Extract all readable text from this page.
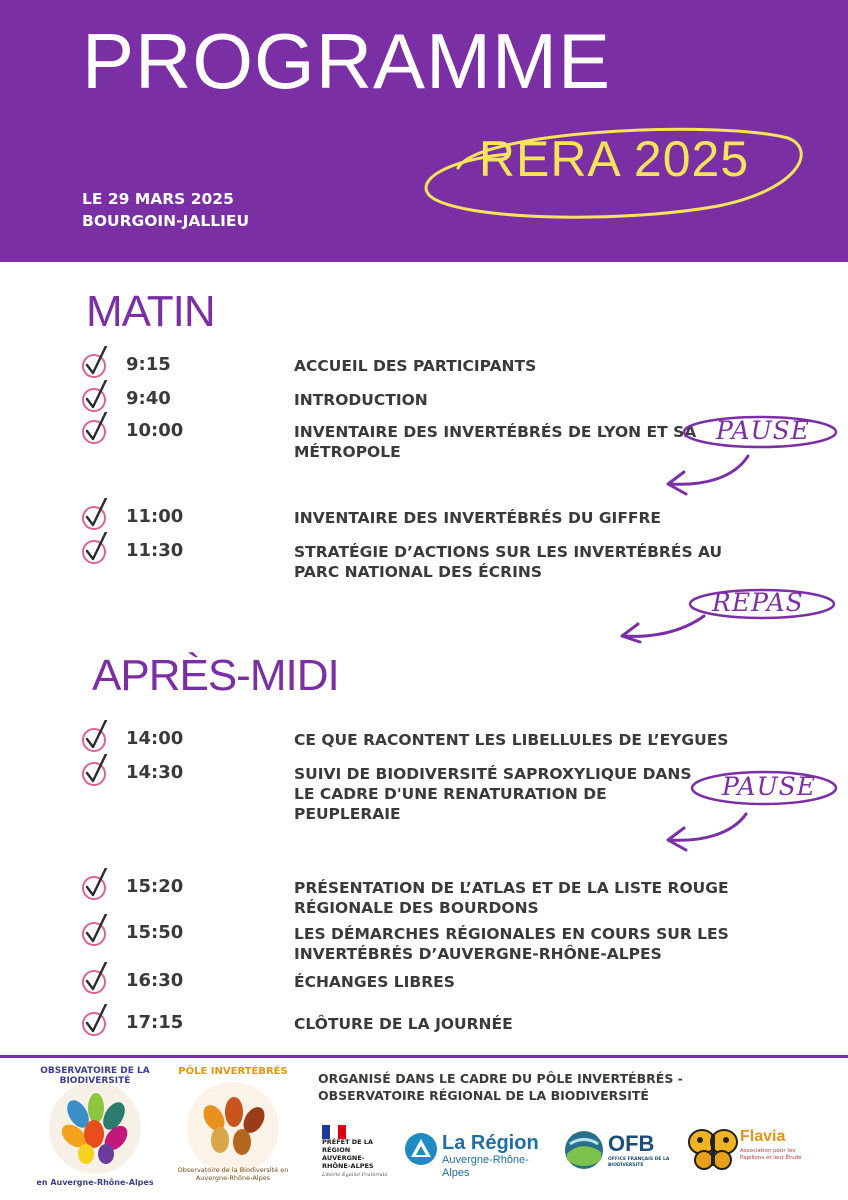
PROGRAMME
RERA 2025
LE 29 MARS 2025
BOURGOIN-JALLIEU
MATIN
9:15	ACCUEIL DES PARTICIPANTS
9:40	INTRODUCTION
10:00	INVENTAIRE DES INVERTÉBRÉS DE LYON ET SA MÉTROPOLE
PAUSE
11:00	INVENTAIRE DES INVERTÉBRÉS DU GIFFRE
11:30	STRATÉGIE D’ACTIONS SUR LES INVERTÉBRÉS AU PARC NATIONAL DES ÉCRINS
REPAS
APRÈS-MIDI
14:00	CE QUE RACONTENT LES LIBELLULES DE L’EYGUES
14:30	SUIVI DE BIODIVERSITÉ SAPROXYLIQUE DANS LE CADRE D'UNE RENATURATION DE PEUPLERAIE
PAUSE
15:20	PRÉSENTATION DE L’ATLAS ET DE LA LISTE ROUGE RÉGIONALE DES BOURDONS
15:50	LES DÉMARCHES RÉGIONALES EN COURS SUR LES INVERTÉBRÉS D’AUVERGNE-RHÔNE-ALPES
16:30	ÉCHANGES LIBRES
17:15	CLÔTURE DE LA JOURNÉE
ORGANISÉ DANS LE CADRE DU PÔLE INVERTÉBRÉS - OBSERVATOIRE RÉGIONAL DE LA BIODIVERSITÉ
OBSERVATOIRE DE LA BIODIVERSITÉ
en Auvergne-Rhône-Alpes
PÔLE INVERTÉBRÉS
Observatoire de la Biodiversité en Auvergne-Rhône-Alpes
PRÉFET DE LA RÉGION AUVERGNE-RHÔNE-ALPES
Liberté Égalité Fraternité
La Région
Auvergne-Rhône-Alpes
OFB
OFFICE FRANÇAIS DE LA BIODIVERSITÉ
Flavia
Association pour les Papillons et leur Étude
